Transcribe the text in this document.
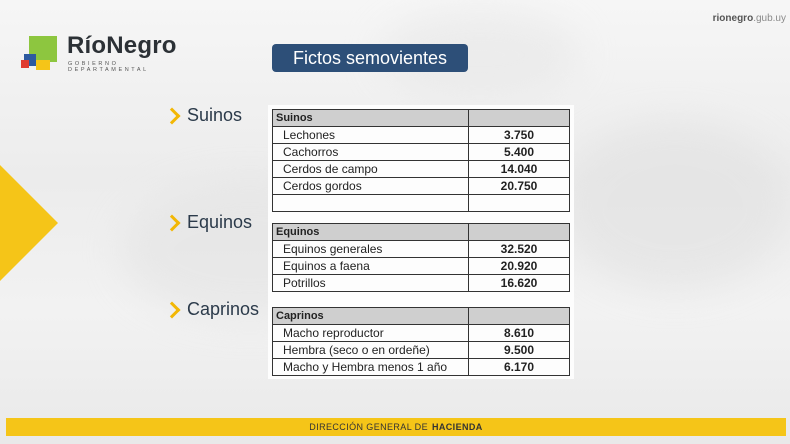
rionegro.gub.uy
RíoNegro
GOBIERNO DEPARTAMENTAL
Fictos semovientes
Suinos
Equinos
Caprinos
Suinos	
Lechones	3.750
Cachorros	5.400
Cerdos de campo	14.040
Cerdos gordos	20.750

Equinos	
Equinos generales	32.520
Equinos a faena	20.920
Potrillos	16.620
Caprinos	
Macho reproductor	8.610
Hembra (seco o en ordeñe)	9.500
Macho y Hembra menos 1 año	6.170
DIRECCIÓN GENERAL DE HACIENDA
